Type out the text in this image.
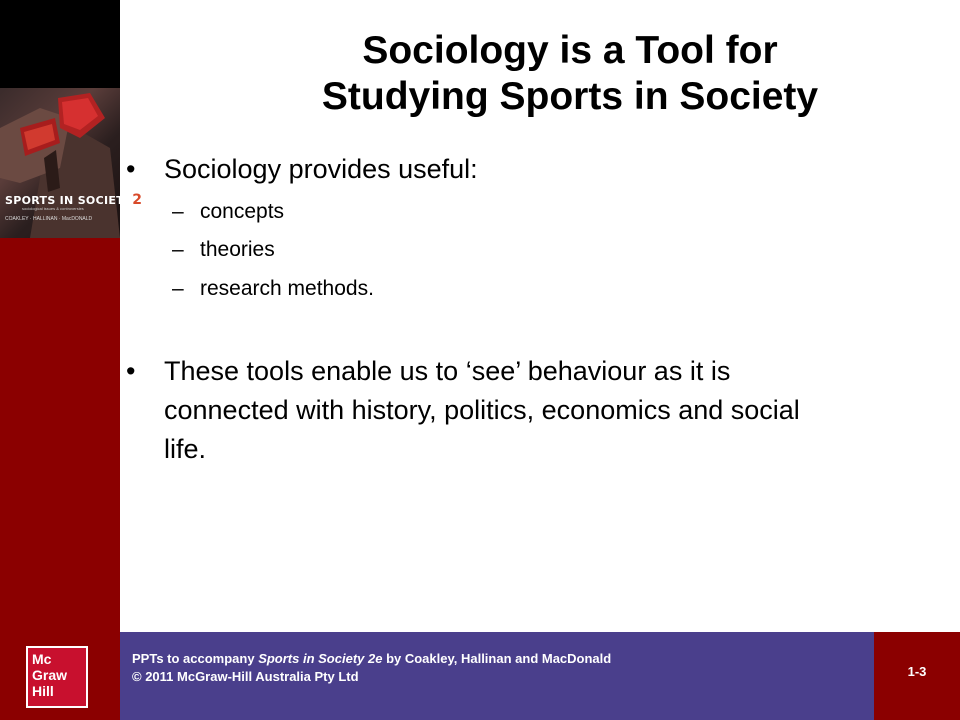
SPORTS IN SOCIETY2
sociological issues & controversies
COAKLEY · HALLINAN · MacDONALD
Sociology is a Tool for
Studying Sports in Society
•	Sociology provides useful:
– concepts
– theories
– research methods.
•	These tools enable us to ‘see’ behaviour as it is connected with history, politics, economics and social life.
Mc
Graw
Hill
PPTs to accompany Sports in Society 2e by Coakley, Hallinan and MacDonald
© 2011 McGraw-Hill Australia Pty Ltd	1-3
